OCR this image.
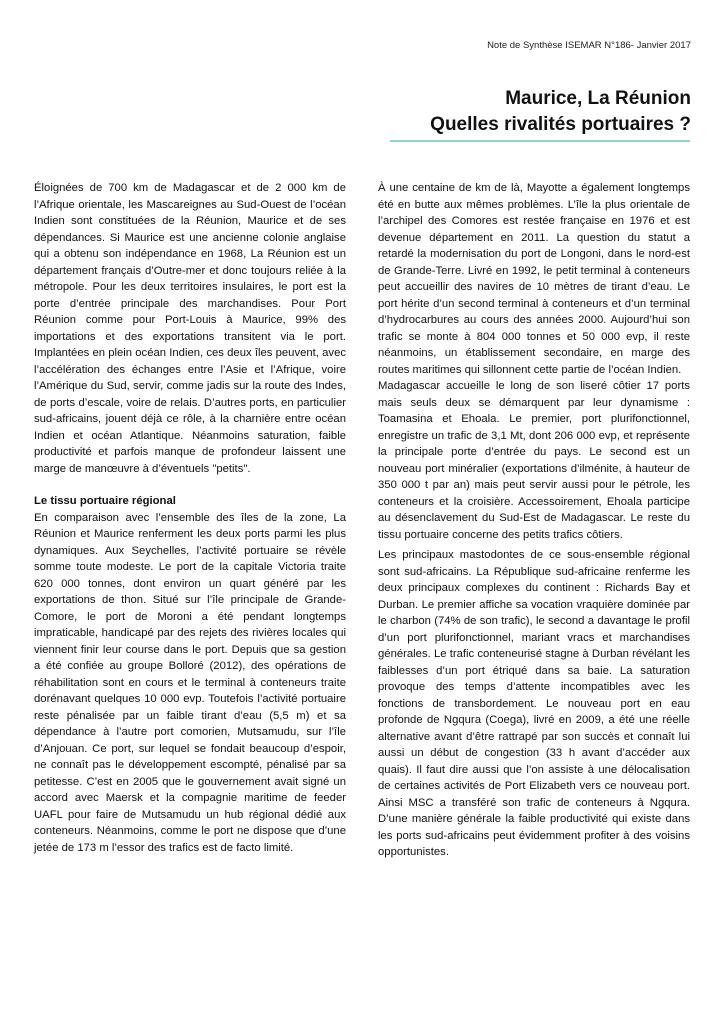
Note de Synthèse ISEMAR N°186- Janvier 2017
Maurice, La Réunion
Quelles rivalités portuaires ?

Éloignées de 700 km de Madagascar et de 2 000 km de l’Afrique orientale, les Mascareignes au Sud-Ouest de l’océan Indien sont constituées de la Réunion, Maurice et de ses dépendances. Si Maurice est une ancienne colonie anglaise qui a obtenu son indépendance en 1968, La Réunion est un département français d’Outre-mer et donc toujours reliée à la métropole. Pour les deux territoires insulaires, le port est la porte d’entrée principale des marchandises. Pour Port Réunion comme pour Port-Louis à Maurice, 99% des importations et des exportations transitent via le port. Implantées en plein océan Indien, ces deux îles peuvent, avec l’accélération des échanges entre l’Asie et l’Afrique, voire l’Amérique du Sud, servir, comme jadis sur la route des Indes, de ports d’escale, voire de relais. D’autres ports, en particulier sud-africains, jouent déjà ce rôle, à la charnière entre océan Indien et océan Atlantique. Néanmoins saturation, faible productivité et parfois manque de profondeur laissent une marge de manœuvre à d’éventuels "petits".

Le tissu portuaire régional

En comparaison avec l’ensemble des îles de la zone, La Réunion et Maurice renferment les deux ports parmi les plus dynamiques. Aux Seychelles, l’activité portuaire se révèle somme toute modeste. Le port de la capitale Victoria traite 620 000 tonnes, dont environ un quart généré par les exportations de thon. Situé sur l’île principale de Grande-Comore, le port de Moroni a été pendant longtemps impraticable, handicapé par des rejets des rivières locales qui viennent finir leur course dans le port. Depuis que sa gestion a été confiée au groupe Bolloré (2012), des opérations de réhabilitation sont en cours et le terminal à conteneurs traite dorénavant quelques 10 000 evp. Toutefois l’activité portuaire reste pénalisée par un faible tirant d’eau (5,5 m) et sa dépendance à l’autre port comorien, Mutsamudu, sur l’île d’Anjouan. Ce port, sur lequel se fondait beaucoup d’espoir, ne connaît pas le développement escompté, pénalisé par sa petitesse. C’est en 2005 que le gouvernement avait signé un accord avec Maersk et la compagnie maritime de feeder UAFL pour faire de Mutsamudu un hub régional dédié aux conteneurs. Néanmoins, comme le port ne dispose que d’une jetée de 173 m l’essor des trafics est de facto limité.

À une centaine de km de là, Mayotte a également longtemps été en butte aux mêmes problèmes. L’île la plus orientale de l’archipel des Comores est restée française en 1976 et est devenue département en 2011. La question du statut a retardé la modernisation du port de Longoni, dans le nord-est de Grande-Terre. Livré en 1992, le petit terminal à conteneurs peut accueillir des navires de 10 mètres de tirant d’eau. Le port hérite d’un second terminal à conteneurs et d’un terminal d’hydrocarbures au cours des années 2000. Aujourd’hui son trafic se monte à 804 000 tonnes et 50 000 evp, il reste néanmoins, un établissement secondaire, en marge des routes maritimes qui sillonnent cette partie de l’océan Indien.

Madagascar accueille le long de son liseré côtier 17 ports mais seuls deux se démarquent par leur dynamisme : Toamasina et Ehoala. Le premier, port plurifonctionnel, enregistre un trafic de 3,1 Mt, dont 206 000 evp, et représente la principale porte d’entrée du pays. Le second est un nouveau port minéralier (exportations d’ilménite, à hauteur de 350 000 t par an) mais peut servir aussi pour le pétrole, les conteneurs et la croisière. Accessoirement, Ehoala participe au désenclavement du Sud-Est de Madagascar. Le reste du tissu portuaire concerne des petits trafics côtiers.

Les principaux mastodontes de ce sous-ensemble régional sont sud-africains. La République sud-africaine renferme les deux principaux complexes du continent : Richards Bay et Durban. Le premier affiche sa vocation vraquière dominée par le charbon (74% de son trafic), le second a davantage le profil d’un port plurifonctionnel, mariant vracs et marchandises générales. Le trafic conteneurisé stagne à Durban révélant les faiblesses d’un port étriqué dans sa baie. La saturation provoque des temps d’attente incompatibles avec les fonctions de transbordement. Le nouveau port en eau profonde de Ngqura (Coega), livré en 2009, a été une réelle alternative avant d’être rattrapé par son succès et connaît lui aussi un début de congestion (33 h avant d’accéder aux quais). Il faut dire aussi que l’on assiste à une délocalisation de certaines activités de Port Elizabeth vers ce nouveau port. Ainsi MSC a transféré son trafic de conteneurs à Ngqura. D’une manière générale la faible productivité qui existe dans les ports sud-africains peut évidemment profiter à des voisins opportunistes.
